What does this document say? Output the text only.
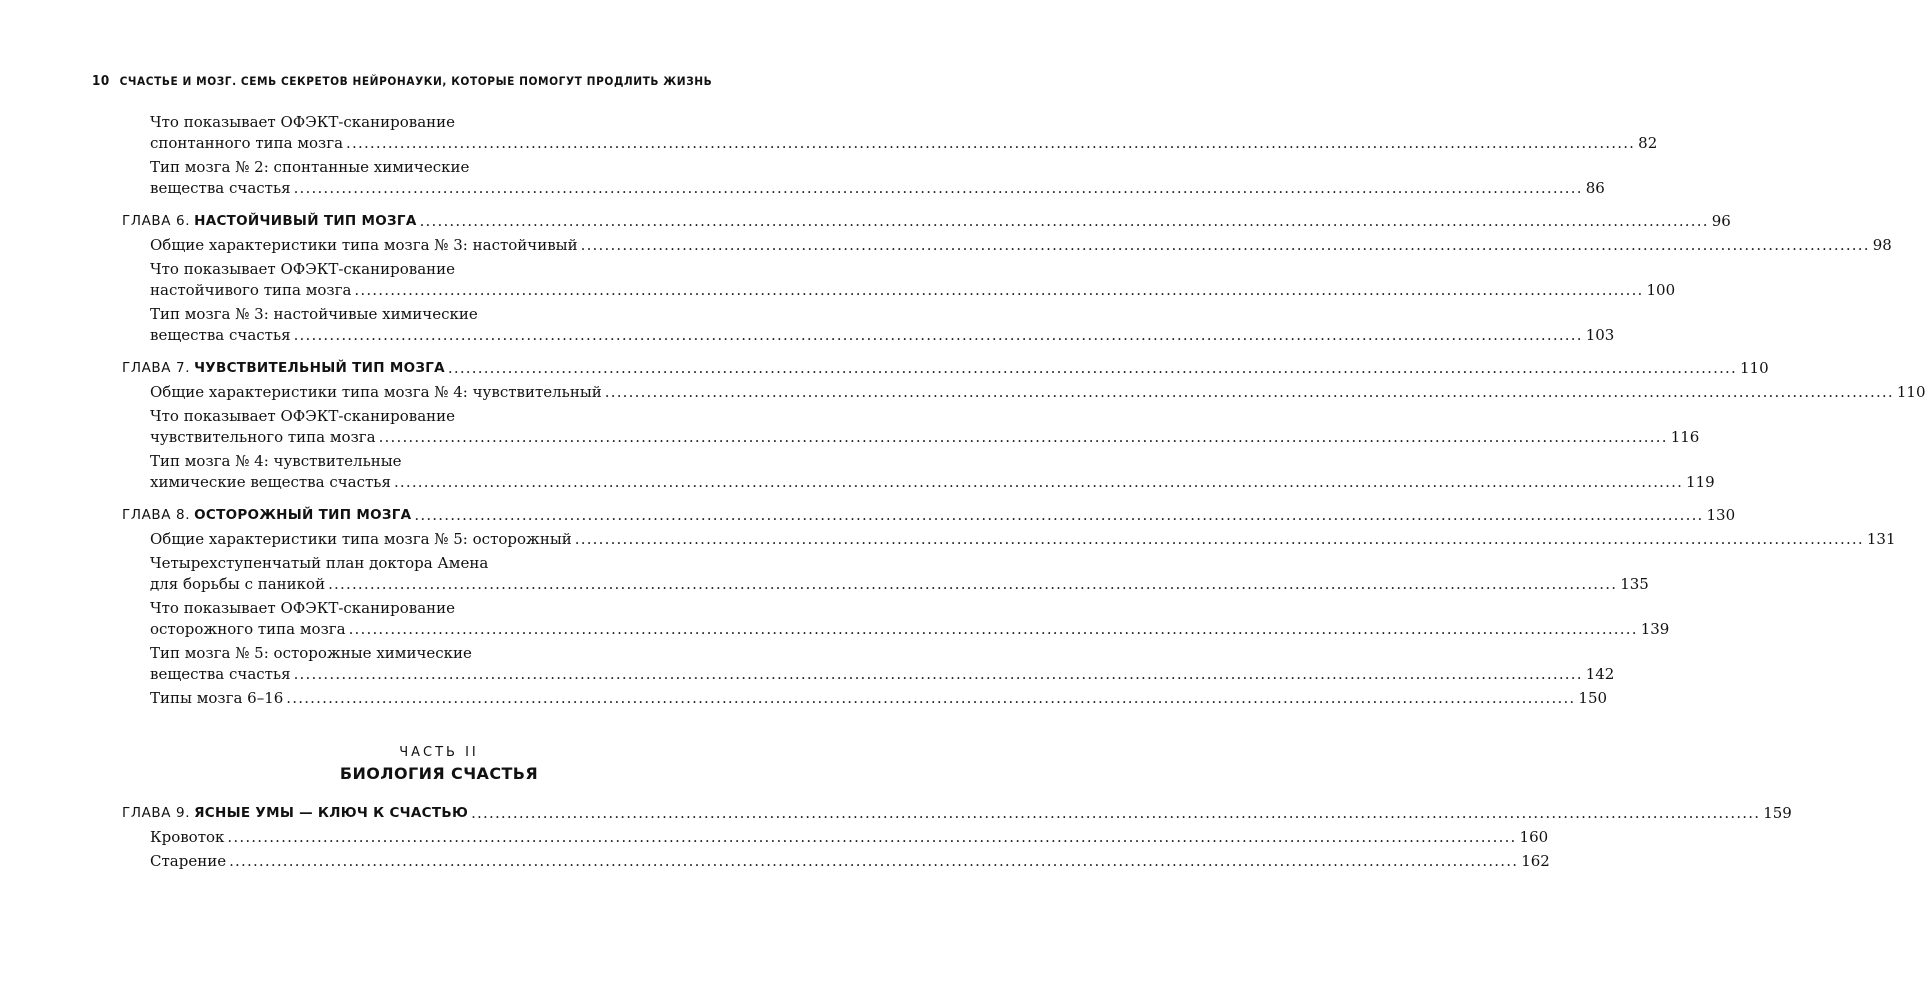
10 СЧАСТЬЕ И МОЗГ. СЕМЬ СЕКРЕТОВ НЕЙРОНАУКИ, КОТОРЫЕ ПОМОГУТ ПРОДЛИТЬ ЖИЗНЬ
Что показывает ОФЭКТ-сканирование
спонтанного типа мозга ........................................................................................................................................................................................................................ 82
Тип мозга № 2: спонтанные химические
вещества счастья ........................................................................................................................................................................................................................ 86
ГЛАВА 6. НАСТОЙЧИВЫЙ ТИП МОЗГА ........................................................................................................................................................................................................................ 96
Общие характеристики типа мозга № 3: настойчивый ........................................................................................................................................................................................................................ 98
Что показывает ОФЭКТ-сканирование
настойчивого типа мозга ........................................................................................................................................................................................................................ 100
Тип мозга № 3: настойчивые химические
вещества счастья ........................................................................................................................................................................................................................ 103
ГЛАВА 7. ЧУВСТВИТЕЛЬНЫЙ ТИП МОЗГА ........................................................................................................................................................................................................................ 110
Общие характеристики типа мозга № 4: чувствительный ........................................................................................................................................................................................................................ 110
Что показывает ОФЭКТ-сканирование
чувствительного типа мозга ........................................................................................................................................................................................................................ 116
Тип мозга № 4: чувствительные
химические вещества счастья ........................................................................................................................................................................................................................ 119
ГЛАВА 8. ОСТОРОЖНЫЙ ТИП МОЗГА ........................................................................................................................................................................................................................ 130
Общие характеристики типа мозга № 5: осторожный ........................................................................................................................................................................................................................ 131
Четырехступенчатый план доктора Амена
для борьбы с паникой ........................................................................................................................................................................................................................ 135
Что показывает ОФЭКТ-сканирование
осторожного типа мозга ........................................................................................................................................................................................................................ 139
Тип мозга № 5: осторожные химические
вещества счастья ........................................................................................................................................................................................................................ 142
Типы мозга 6–16 ........................................................................................................................................................................................................................ 150
ЧАСТЬ II
БИОЛОГИЯ СЧАСТЬЯ
ГЛАВА 9. ЯСНЫЕ УМЫ — КЛЮЧ К СЧАСТЬЮ ........................................................................................................................................................................................................................ 159
Кровоток ........................................................................................................................................................................................................................ 160
Старение ........................................................................................................................................................................................................................ 162
